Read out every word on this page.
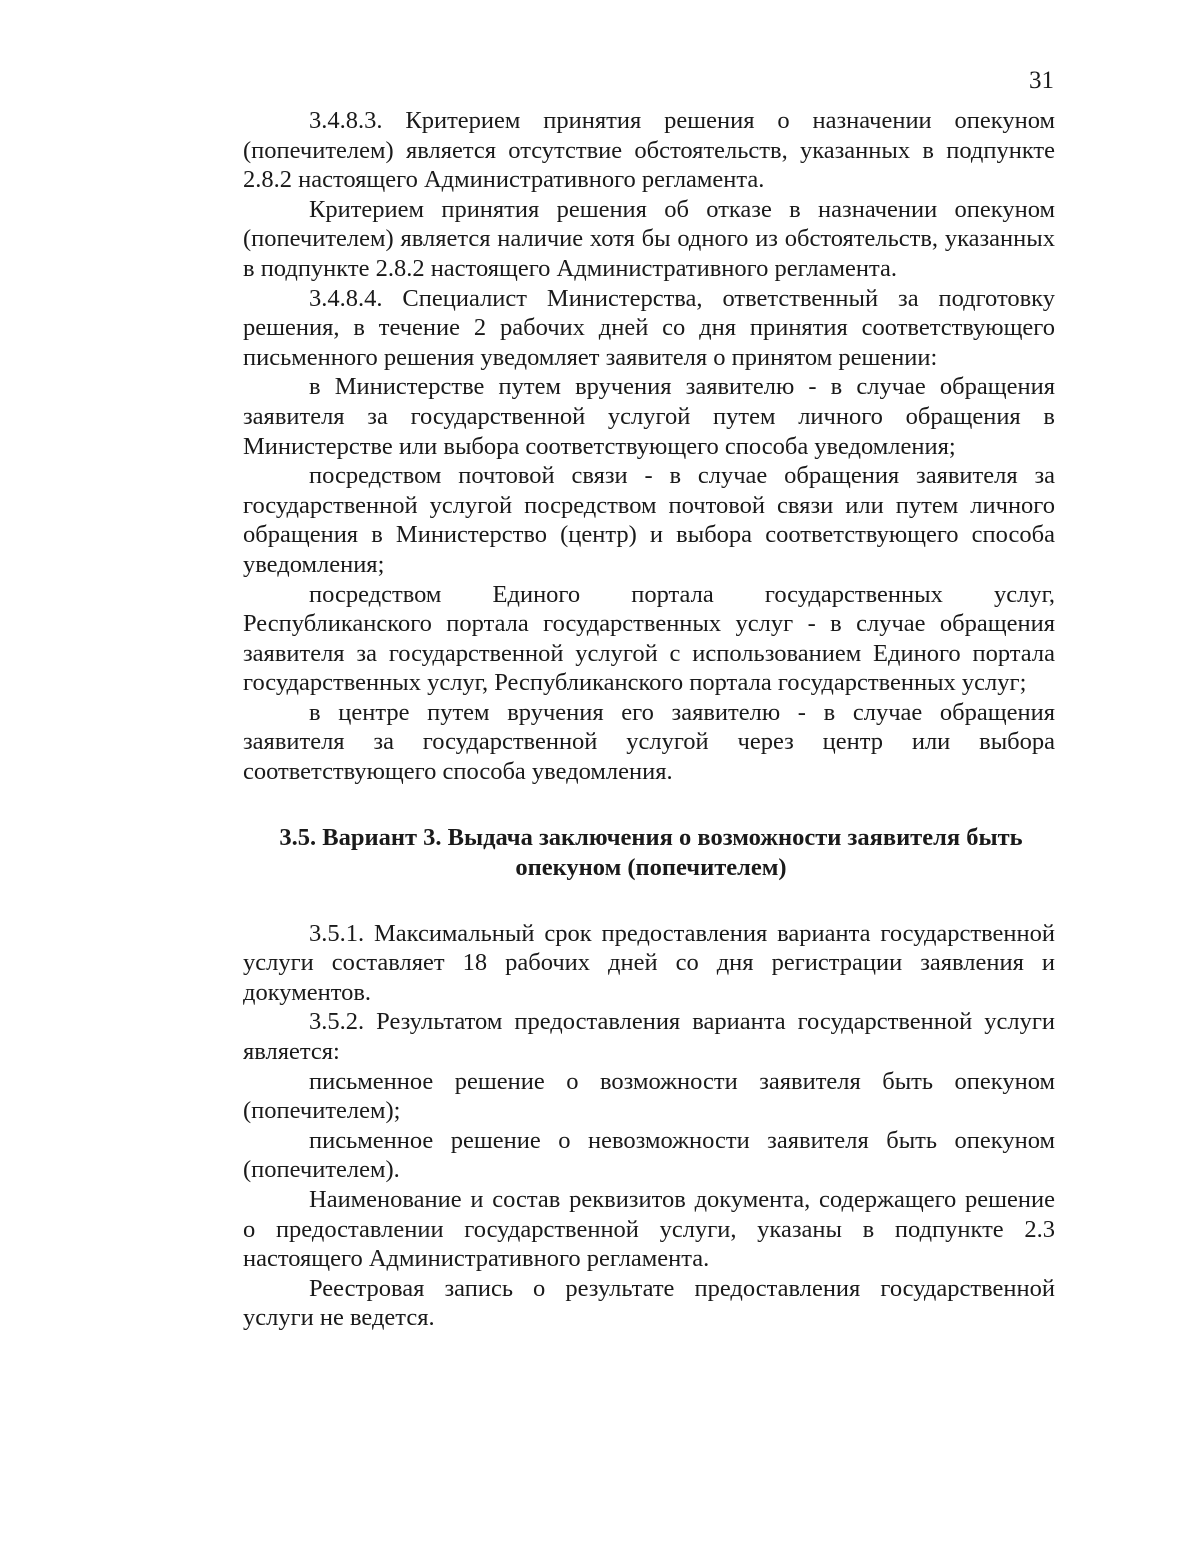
31

3.4.8.3. Критерием принятия решения о назначении опекуном (попечителем) является отсутствие обстоятельств, указанных в подпункте 2.8.2 настоящего Административного регламента.

Критерием принятия решения об отказе в назначении опекуном (попечителем) является наличие хотя бы одного из обстоятельств, указанных в подпункте 2.8.2 настоящего Административного регламента.

3.4.8.4. Специалист Министерства, ответственный за подготовку решения, в течение 2 рабочих дней со дня принятия соответствующего письменного решения уведомляет заявителя о принятом решении:

в Министерстве путем вручения заявителю - в случае обращения заявителя за государственной услугой путем личного обращения в Министерстве или выбора соответствующего способа уведомления;

посредством почтовой связи - в случае обращения заявителя за государственной услугой посредством почтовой связи или путем личного обращения в Министерство (центр) и выбора соответствующего способа уведомления;

посредством Единого портала государственных услуг, Республиканского портала государственных услуг - в случае обращения заявителя за государственной услугой с использованием Единого портала государственных услуг, Республиканского портала государственных услуг;

в центре путем вручения его заявителю - в случае обращения заявителя за государственной услугой через центр или выбора соответствующего способа уведомления.

3.5. Вариант 3. Выдача заключения о возможности заявителя быть
опекуном (попечителем)

3.5.1. Максимальный срок предоставления варианта государственной услуги составляет 18 рабочих дней со дня регистрации заявления и документов.

3.5.2. Результатом предоставления варианта государственной услуги является:

письменное решение о возможности заявителя быть опекуном (попечителем);

письменное решение о невозможности заявителя быть опекуном (попечителем).

Наименование и состав реквизитов документа, содержащего решение о предоставлении государственной услуги, указаны в подпункте 2.3 настоящего Административного регламента.

Реестровая запись о результате предоставления государственной услуги не ведется.
